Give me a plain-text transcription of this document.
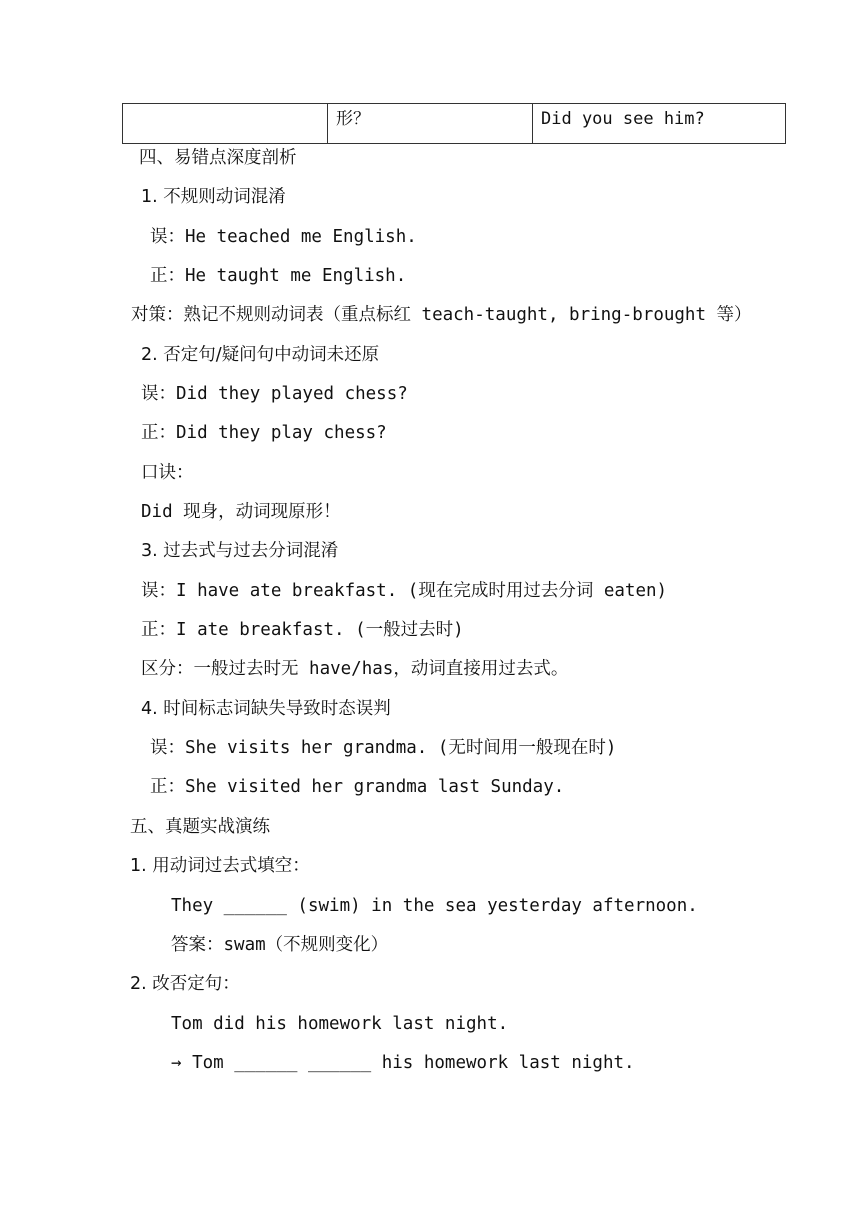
	形？	Did you see him?
四、易错点深度剖析
1. 不规则动词混淆
误：He teached me English.
正：He taught me English.
对策：熟记不规则动词表（重点标红 teach-taught, bring-brought 等）
2. 否定句/疑问句中动词未还原
误：Did they played chess?
正：Did they play chess?
口诀：
Did 现身，动词现原形！
3. 过去式与过去分词混淆
误：I have ate breakfast. (现在完成时用过去分词 eaten)
正：I ate breakfast. (一般过去时)
区分：一般过去时无 have/has，动词直接用过去式。
4. 时间标志词缺失导致时态误判
误：She visits her grandma. (无时间用一般现在时)
正：She visited her grandma last Sunday.
五、真题实战演练
1. 用动词过去式填空：
They ______ (swim) in the sea yesterday afternoon.
答案：swam（不规则变化）
2. 改否定句：
Tom did his homework last night.
→ Tom ______ ______ his homework last night.
